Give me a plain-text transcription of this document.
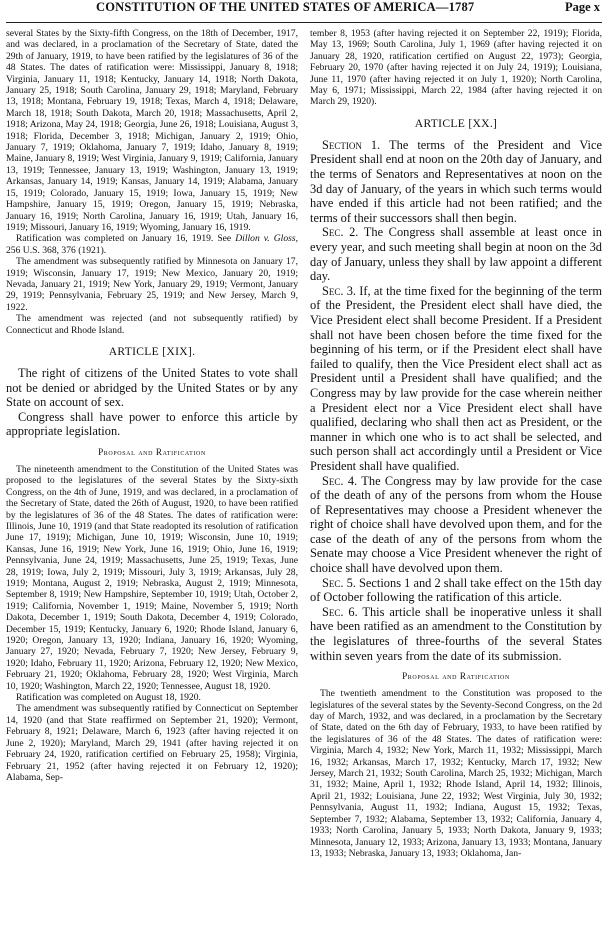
CONSTITUTION OF THE UNITED STATES OF AMERICA—1787	Page x

several States by the Sixty-fifth Congress, on the 18th of December, 1917, and was declared, in a proclamation of the Secretary of State, dated the 29th of January, 1919, to have been ratified by the legislatures of 36 of the 48 States. The dates of ratification were: Mississippi, January 8, 1918; Virginia, January 11, 1918; Kentucky, January 14, 1918; North Dakota, January 25, 1918; South Carolina, January 29, 1918; Maryland, February 13, 1918; Montana, February 19, 1918; Texas, March 4, 1918; Delaware, March 18, 1918; South Dakota, March 20, 1918; Massachusetts, April 2, 1918; Arizona, May 24, 1918; Georgia, June 26, 1918; Louisiana, August 3, 1918; Florida, December 3, 1918; Michigan, January 2, 1919; Ohio, January 7, 1919; Oklahoma, January 7, 1919; Idaho, January 8, 1919; Maine, January 8, 1919; West Virginia, January 9, 1919; California, January 13, 1919; Tennessee, January 13, 1919; Washington, January 13, 1919; Arkansas, January 14, 1919; Kansas, January 14, 1919; Alabama, January 15, 1919; Colorado, January 15, 1919; Iowa, January 15, 1919; New Hampshire, January 15, 1919; Oregon, January 15, 1919; Nebraska, January 16, 1919; North Carolina, January 16, 1919; Utah, January 16, 1919; Missouri, January 16, 1919; Wyoming, January 16, 1919.

Ratification was completed on January 16, 1919. See Dillon v. Gloss, 256 U.S. 368, 376 (1921).

The amendment was subsequently ratified by Minnesota on January 17, 1919; Wisconsin, January 17, 1919; New Mexico, January 20, 1919; Nevada, January 21, 1919; New York, January 29, 1919; Vermont, January 29, 1919; Pennsylvania, February 25, 1919; and New Jersey, March 9, 1922.

The amendment was rejected (and not subsequently ratified) by Connecticut and Rhode Island.

ARTICLE [XIX].

The right of citizens of the United States to vote shall not be denied or abridged by the United States or by any State on account of sex.

Congress shall have power to enforce this article by appropriate legislation.

Proposal and Ratification

The nineteenth amendment to the Constitution of the United States was proposed to the legislatures of the several States by the Sixty-sixth Congress, on the 4th of June, 1919, and was declared, in a proclamation of the Secretary of State, dated the 26th of August, 1920, to have been ratified by the legislatures of 36 of the 48 States. The dates of ratification were: Illinois, June 10, 1919 (and that State readopted its resolution of ratification June 17, 1919); Michigan, June 10, 1919; Wisconsin, June 10, 1919; Kansas, June 16, 1919; New York, June 16, 1919; Ohio, June 16, 1919; Pennsylvania, June 24, 1919; Massachusetts, June 25, 1919; Texas, June 28, 1919; Iowa, July 2, 1919; Missouri, July 3, 1919; Arkansas, July 28, 1919; Montana, August 2, 1919; Nebraska, August 2, 1919; Minnesota, September 8, 1919; New Hampshire, September 10, 1919; Utah, October 2, 1919; California, November 1, 1919; Maine, November 5, 1919; North Dakota, December 1, 1919; South Dakota, December 4, 1919; Colorado, December 15, 1919; Kentucky, January 6, 1920; Rhode Island, January 6, 1920; Oregon, January 13, 1920; Indiana, January 16, 1920; Wyoming, January 27, 1920; Nevada, February 7, 1920; New Jersey, February 9, 1920; Idaho, February 11, 1920; Arizona, February 12, 1920; New Mexico, February 21, 1920; Oklahoma, February 28, 1920; West Virginia, March 10, 1920; Washington, March 22, 1920; Tennessee, August 18, 1920.

Ratification was completed on August 18, 1920.

The amendment was subsequently ratified by Connecticut on September 14, 1920 (and that State reaffirmed on September 21, 1920); Vermont, February 8, 1921; Delaware, March 6, 1923 (after having rejected it on June 2, 1920); Maryland, March 29, 1941 (after having rejected it on February 24, 1920, ratification certified on February 25, 1958); Virginia, February 21, 1952 (after having rejected it on February 12, 1920); Alabama, Sep-

tember 8, 1953 (after having rejected it on September 22, 1919); Florida, May 13, 1969; South Carolina, July 1, 1969 (after having rejected it on January 28, 1920, ratification certified on August 22, 1973); Georgia, February 20, 1970 (after having rejected it on July 24, 1919); Louisiana, June 11, 1970 (after having rejected it on July 1, 1920); North Carolina, May 6, 1971; Mississippi, March 22, 1984 (after having rejected it on March 29, 1920).

ARTICLE [XX.]

Section 1. The terms of the President and Vice President shall end at noon on the 20th day of January, and the terms of Senators and Representatives at noon on the 3d day of January, of the years in which such terms would have ended if this article had not been ratified; and the terms of their successors shall then begin.

Sec. 2. The Congress shall assemble at least once in every year, and such meeting shall begin at noon on the 3d day of January, unless they shall by law appoint a different day.

Sec. 3. If, at the time fixed for the beginning of the term of the President, the President elect shall have died, the Vice President elect shall become President. If a President shall not have been chosen before the time fixed for the beginning of his term, or if the President elect shall have failed to qualify, then the Vice President elect shall act as President until a President shall have qualified; and the Congress may by law provide for the case wherein neither a President elect nor a Vice President elect shall have qualified, declaring who shall then act as President, or the manner in which one who is to act shall be selected, and such person shall act accordingly until a President or Vice President shall have qualified.

Sec. 4. The Congress may by law provide for the case of the death of any of the persons from whom the House of Representatives may choose a President whenever the right of choice shall have devolved upon them, and for the case of the death of any of the persons from whom the Senate may choose a Vice President whenever the right of choice shall have devolved upon them.

Sec. 5. Sections 1 and 2 shall take effect on the 15th day of October following the ratification of this article.

Sec. 6. This article shall be inoperative unless it shall have been ratified as an amendment to the Constitution by the legislatures of three-fourths of the several States within seven years from the date of its submission.

Proposal and Ratification

The twentieth amendment to the Constitution was proposed to the legislatures of the several states by the Seventy-Second Congress, on the 2d day of March, 1932, and was declared, in a proclamation by the Secretary of State, dated on the 6th day of February, 1933, to have been ratified by the legislatures of 36 of the 48 States. The dates of ratification were: Virginia, March 4, 1932; New York, March 11, 1932; Mississippi, March 16, 1932; Arkansas, March 17, 1932; Kentucky, March 17, 1932; New Jersey, March 21, 1932; South Carolina, March 25, 1932; Michigan, March 31, 1932; Maine, April 1, 1932; Rhode Island, April 14, 1932; Illinois, April 21, 1932; Louisiana, June 22, 1932; West Virginia, July 30, 1932; Pennsylvania, August 11, 1932; Indiana, August 15, 1932; Texas, September 7, 1932; Alabama, September 13, 1932; California, January 4, 1933; North Carolina, January 5, 1933; North Dakota, January 9, 1933; Minnesota, January 12, 1933; Arizona, January 13, 1933; Montana, January 13, 1933; Nebraska, January 13, 1933; Oklahoma, Jan-
